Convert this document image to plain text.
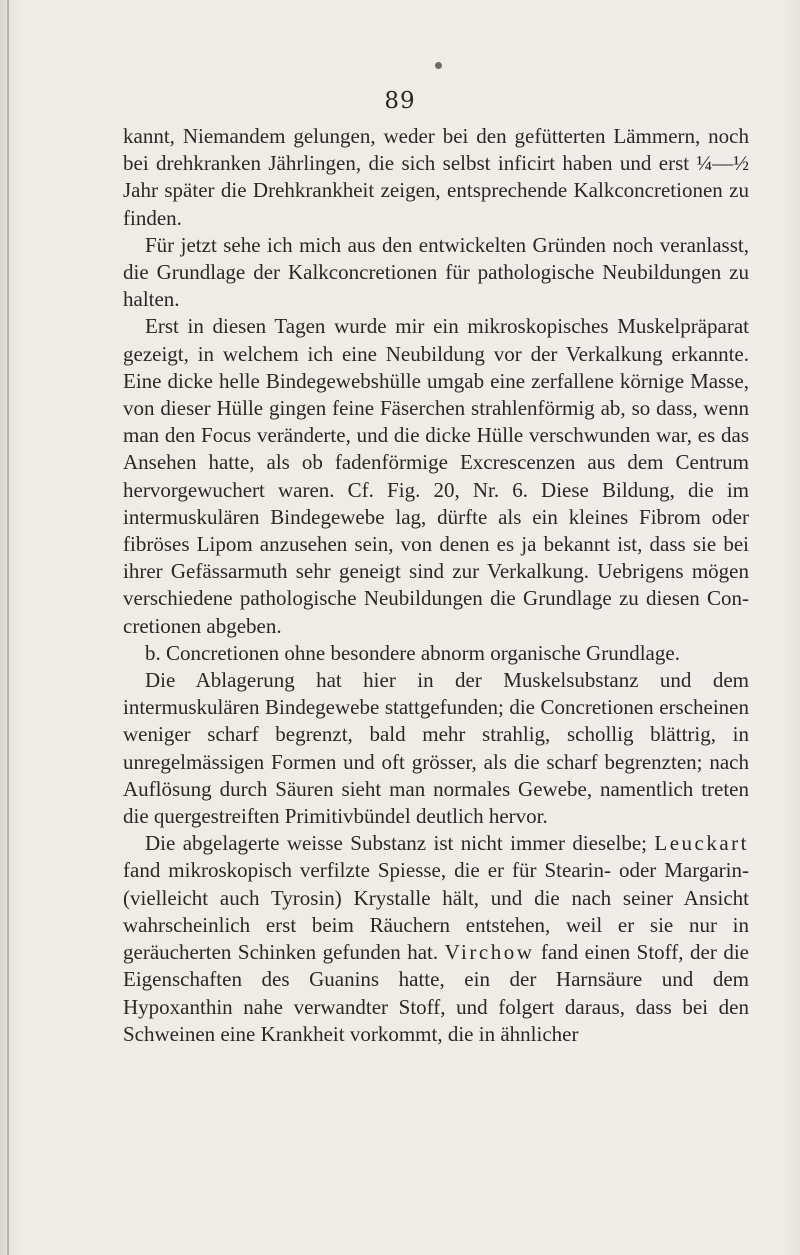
89

kannt, Niemandem gelungen, weder bei den gefütterten Lämmern, noch bei drehkranken Jährlingen, die sich selbst inficirt haben und erst ¼—½ Jahr später die Drehkrankheit zeigen, entsprechende Kalkconcretionen zu finden.

Für jetzt sehe ich mich aus den entwickelten Gründen noch veranlasst, die Grundlage der Kalkconcretionen für pathologische Neubildungen zu halten.

Erst in diesen Tagen wurde mir ein mikroskopisches Muskelpräparat gezeigt, in welchem ich eine Neubildung vor der Verkalkung erkannte. Eine dicke helle Bindegewebshülle umgab eine zerfallene körnige Masse, von dieser Hülle gingen feine Fäserchen strahlenförmig ab, so dass, wenn man den Focus veränderte, und die dicke Hülle verschwunden war, es das Ansehen hatte, als ob fadenförmige Excrescenzen aus dem Centrum hervorgewuchert waren. Cf. Fig. 20, Nr. 6. Diese Bildung, die im intermuskulären Bindegewebe lag, dürfte als ein kleines Fibrom oder fibröses Lipom anzusehen sein, von denen es ja bekannt ist, dass sie bei ihrer Gefässarmuth sehr geneigt sind zur Verkalkung. Uebrigens mögen verschiedene pathologische Neubildungen die Grundlage zu diesen Concretionen abgeben.

b. Concretionen ohne besondere abnorm organische Grundlage.

Die Ablagerung hat hier in der Muskelsubstanz und dem intermuskulären Bindegewebe stattgefunden; die Concretionen erscheinen weniger scharf begrenzt, bald mehr strahlig, schollig blättrig, in unregelmässigen Formen und oft grösser, als die scharf begrenzten; nach Auflösung durch Säuren sieht man normales Gewebe, namentlich treten die quergestreiften Primitivbündel deutlich hervor.

Die abgelagerte weisse Substanz ist nicht immer dieselbe; Leuckart fand mikroskopisch verfilzte Spiesse, die er für Stearin- oder Margarin- (vielleicht auch Tyrosin) Krystalle hält, und die nach seiner Ansicht wahrscheinlich erst beim Räuchern entstehen, weil er sie nur in geräucherten Schinken gefunden hat. Virchow fand einen Stoff, der die Eigenschaften des Guanins hatte, ein der Harnsäure und dem Hypoxanthin nahe verwandter Stoff, und folgert daraus, dass bei den Schweinen eine Krankheit vorkommt, die in ähnlicher
